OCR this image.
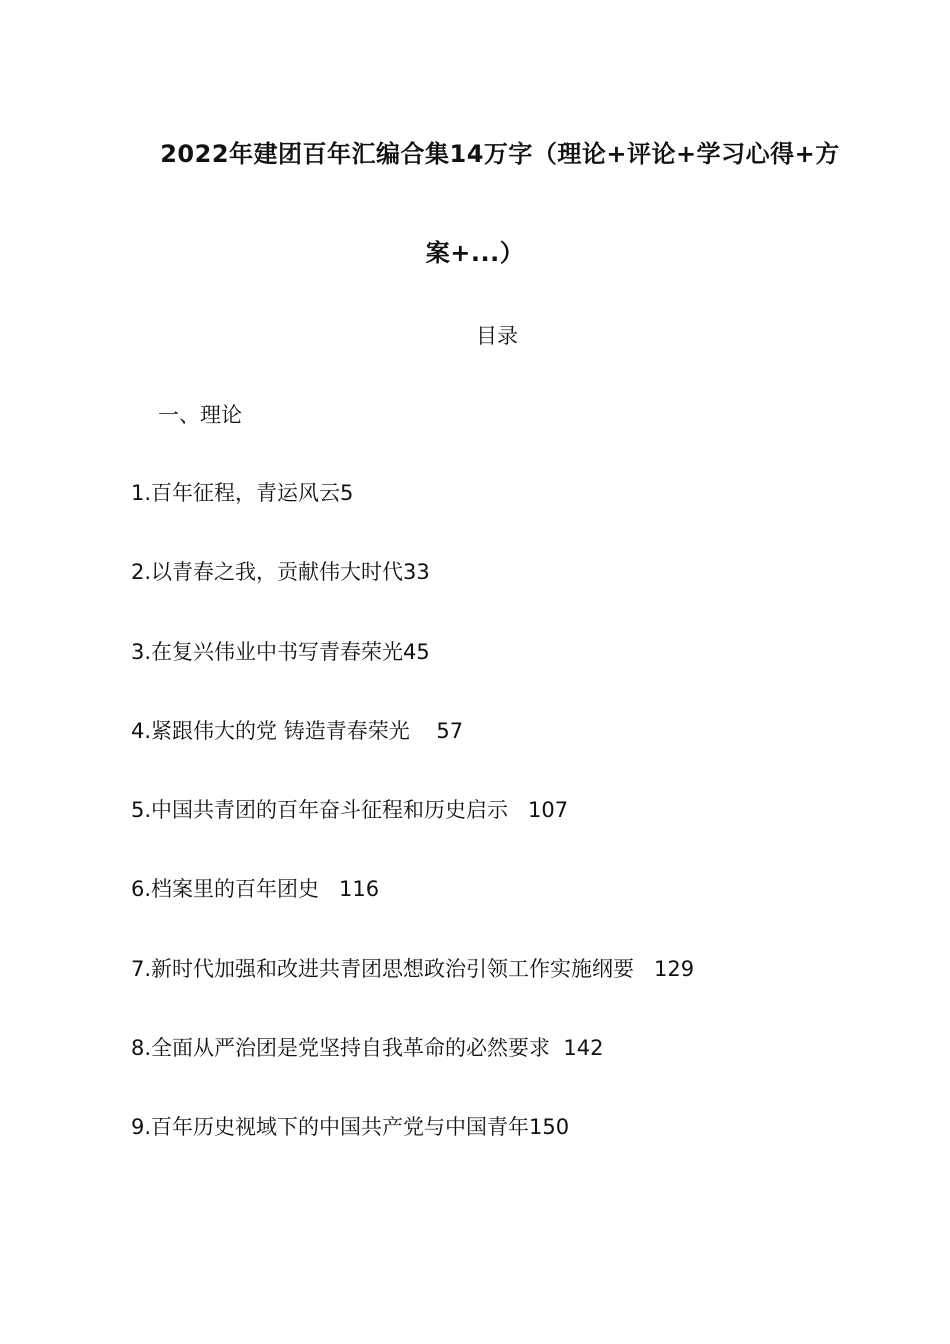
2022年建团百年汇编合集14万字（理论+评论+学习心得+方
案+...）
目录
一、理论
1.百年征程，青运风云5
2.以青春之我，贡献伟大时代33
3.在复兴伟业中书写青春荣光45
4.紧跟伟大的党 铸造青春荣光    57
5.中国共青团的百年奋斗征程和历史启示   107
6.档案里的百年团史   116
7.新时代加强和改进共青团思想政治引领工作实施纲要   129
8.全面从严治团是党坚持自我革命的必然要求  142
9.百年历史视域下的中国共产党与中国青年150
